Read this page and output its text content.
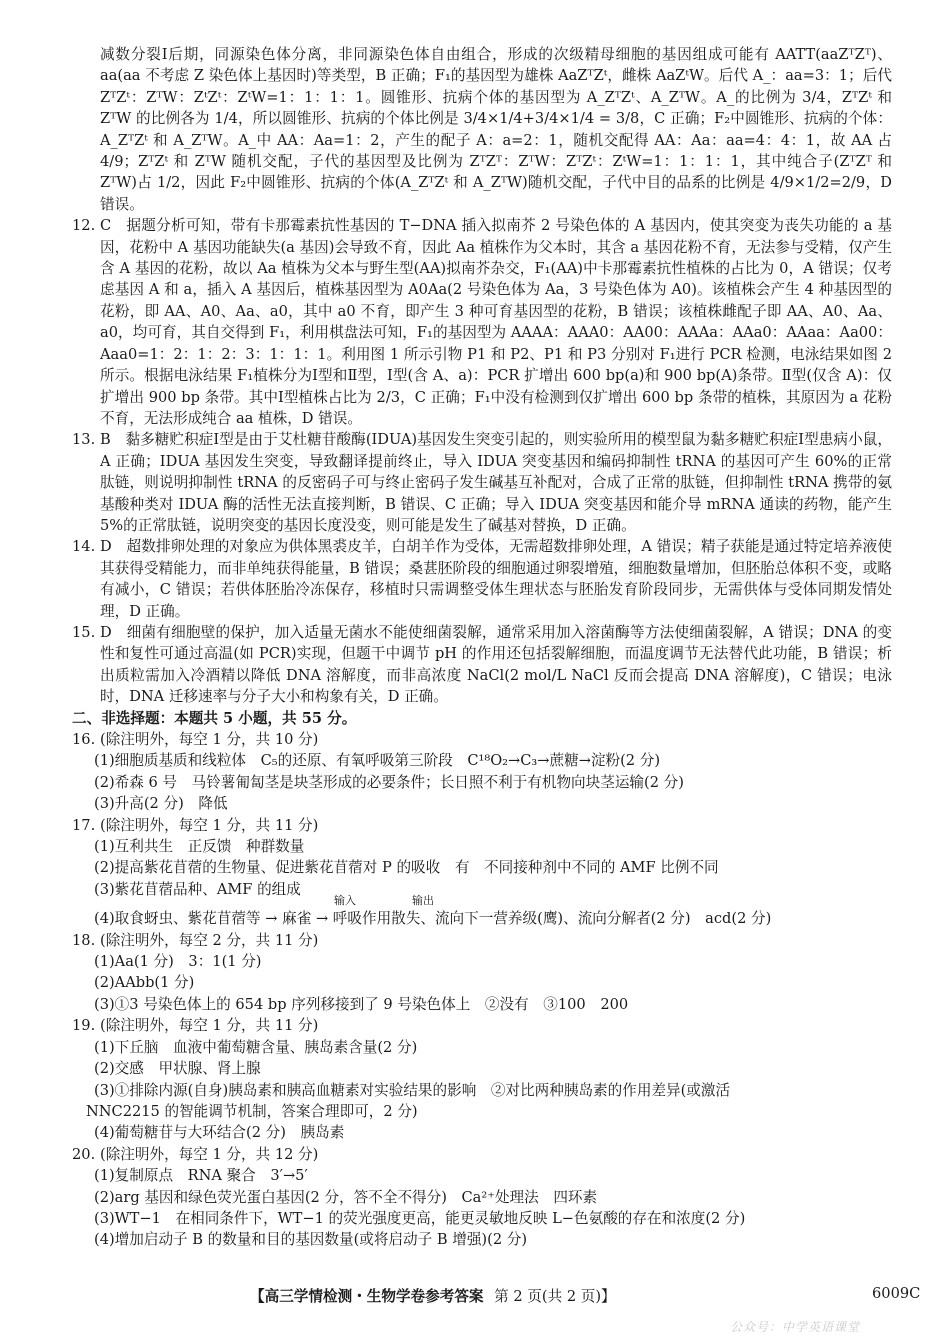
减数分裂Ⅰ后期，同源染色体分离，非同源染色体自由组合，形成的次级精母细胞的基因组成可能有 AATT(aaZᵀZᵀ)、aa(aa 不考虑 Z 染色体上基因时)等类型，B 正确；F₁的基因型为雄株 AaZᵀZᵗ，雌株 AaZᵗW。后代 A_：aa=3：1；后代 ZᵀZᵗ：ZᵀW：ZᵗZᵗ：ZᵗW=1：1：1：1。圆锥形、抗病个体的基因型为 A_ZᵀZᵗ、A_ZᵀW。A_的比例为 3/4，ZᵀZᵗ 和 ZᵀW 的比例各为 1/4，所以圆锥形、抗病的个体比例是 3/4×1/4+3/4×1/4 = 3/8，C 正确；F₂中圆锥形、抗病的个体：A_ZᵀZᵗ 和 A_ZᵀW。A_中 AA：Aa=1：2，产生的配子 A：a=2：1，随机交配得 AA：Aa：aa=4：4：1，故 AA 占 4/9；ZᵀZᵗ 和 ZᵀW 随机交配，子代的基因型及比例为 ZᵀZᵀ：ZᵀW：ZᵀZᵗ：ZᵗW=1：1：1：1，其中纯合子(ZᵀZᵀ 和 ZᵀW)占 1/2，因此 F₂中圆锥形、抗病的个体(A_ZᵀZᵗ 和 A_ZᵀW)随机交配，子代中目的品系的比例是 4/9×1/2=2/9，D 错误。

12. C　据题分析可知，带有卡那霉素抗性基因的 T−DNA 插入拟南芥 2 号染色体的 A 基因内，使其突变为丧失功能的 a 基因，花粉中 A 基因功能缺失(a 基因)会导致不育，因此 Aa 植株作为父本时，其含 a 基因花粉不育，无法参与受精，仅产生含 A 基因的花粉，故以 Aa 植株为父本与野生型(AA)拟南芥杂交，F₁(AA)中卡那霉素抗性植株的占比为 0，A 错误；仅考虑基因 A 和 a，插入 A 基因后，植株基因型为 A0Aa(2 号染色体为 Aa，3 号染色体为 A0)。该植株会产生 4 种基因型的花粉，即 AA、A0、Aa、a0，其中 a0 不育，即产生 3 种可育基因型的花粉，B 错误；该植株雌配子即 AA、A0、Aa、a0，均可育，其自交得到 F₁，利用棋盘法可知，F₁的基因型为 AAAA：AAA0：AA00：AAAa：AAa0：AAaa：Aa00：Aaa0=1：2：1：2：3：1：1：1。利用图 1 所示引物 P1 和 P2、P1 和 P3 分别对 F₁进行 PCR 检测，电泳结果如图 2 所示。根据电泳结果 F₁植株分为Ⅰ型和Ⅱ型，Ⅰ型(含 A、a)：PCR 扩增出 600 bp(a)和 900 bp(A)条带。Ⅱ型(仅含 A)：仅扩增出 900 bp 条带。其中Ⅰ型植株占比为 2/3，C 正确；F₁中没有检测到仅扩增出 600 bp 条带的植株，其原因为 a 花粉不育，无法形成纯合 aa 植株，D 错误。

13. B　黏多糖贮积症Ⅰ型是由于艾杜糖苷酸酶(IDUA)基因发生突变引起的，则实验所用的模型鼠为黏多糖贮积症Ⅰ型患病小鼠，A 正确；IDUA 基因发生突变，导致翻译提前终止，导入 IDUA 突变基因和编码抑制性 tRNA 的基因可产生 60%的正常肽链，则说明抑制性 tRNA 的反密码子可与终止密码子发生碱基互补配对，合成了正常的肽链，但抑制性 tRNA 携带的氨基酸种类对 IDUA 酶的活性无法直接判断，B 错误、C 正确；导入 IDUA 突变基因和能介导 mRNA 通读的药物，能产生 5%的正常肽链，说明突变的基因长度没变，则可能是发生了碱基对替换，D 正确。

14. D　超数排卵处理的对象应为供体黑裘皮羊，白胡羊作为受体，无需超数排卵处理，A 错误；精子获能是通过特定培养液使其获得受精能力，而非单纯获得能量，B 错误；桑葚胚阶段的细胞通过卵裂增殖，细胞数量增加，但胚胎总体积不变，或略有减小，C 错误；若供体胚胎冷冻保存，移植时只需调整受体生理状态与胚胎发育阶段同步，无需供体与受体同期发情处理，D 正确。

15. D　细菌有细胞壁的保护，加入适量无菌水不能使细菌裂解，通常采用加入溶菌酶等方法使细菌裂解，A 错误；DNA 的变性和复性可通过高温(如 PCR)实现，但题干中调节 pH 的作用还包括裂解细胞，而温度调节无法替代此功能，B 错误；析出质粒需加入冷酒精以降低 DNA 溶解度，而非高浓度 NaCl(2 mol/L NaCl 反而会提高 DNA 溶解度)，C 错误；电泳时，DNA 迁移速率与分子大小和构象有关，D 正确。

二、非选择题：本题共 5 小题，共 55 分。

16. (除注明外，每空 1 分，共 10 分)

(1)细胞质基质和线粒体　C₅的还原、有氧呼吸第三阶段　C¹⁸O₂→C₃→蔗糖→淀粉(2 分)

(2)希森 6 号　马铃薯匍匐茎是块茎形成的必要条件；长日照不利于有机物向块茎运输(2 分)

(3)升高(2 分)　降低

17. (除注明外，每空 1 分，共 11 分)

(1)互利共生　正反馈　种群数量

(2)提高紫花苜蓿的生物量、促进紫花苜蓿对 P 的吸收　有　不同接种剂中不同的 AMF 比例不同

(3)紫花苜蓿品种、AMF 的组成

输入	输出

(4)取食蚜虫、紫花苜蓿等 → 麻雀 → 呼吸作用散失、流向下一营养级(鹰)、流向分解者(2 分)　acd(2 分)

18. (除注明外，每空 2 分，共 11 分)

(1)Aa(1 分)　3：1(1 分)

(2)AAbb(1 分)

(3)①3 号染色体上的 654 bp 序列移接到了 9 号染色体上　②没有　③100　200

19. (除注明外，每空 1 分，共 11 分)

(1)下丘脑　血液中葡萄糖含量、胰岛素含量(2 分)

(2)交感　甲状腺、肾上腺

(3)①排除内源(自身)胰岛素和胰高血糖素对实验结果的影响　②对比两种胰岛素的作用差异(或激活

NNC2215 的智能调节机制，答案合理即可，2 分)

(4)葡萄糖苷与大环结合(2 分)　胰岛素

20. (除注明外，每空 1 分，共 12 分)

(1)复制原点　RNA 聚合　3′→5′

(2)arg 基因和绿色荧光蛋白基因(2 分，答不全不得分)　Ca²⁺处理法　四环素

(3)WT−1　在相同条件下，WT−1 的荧光强度更高，能更灵敏地反映 L−色氨酸的存在和浓度(2 分)

(4)增加启动子 B 的数量和目的基因数量(或将启动子 B 增强)(2 分)

【高三学情检测・生物学卷参考答案 第 2 页(共 2 页)】	6009C
公众号：中学英语课堂
